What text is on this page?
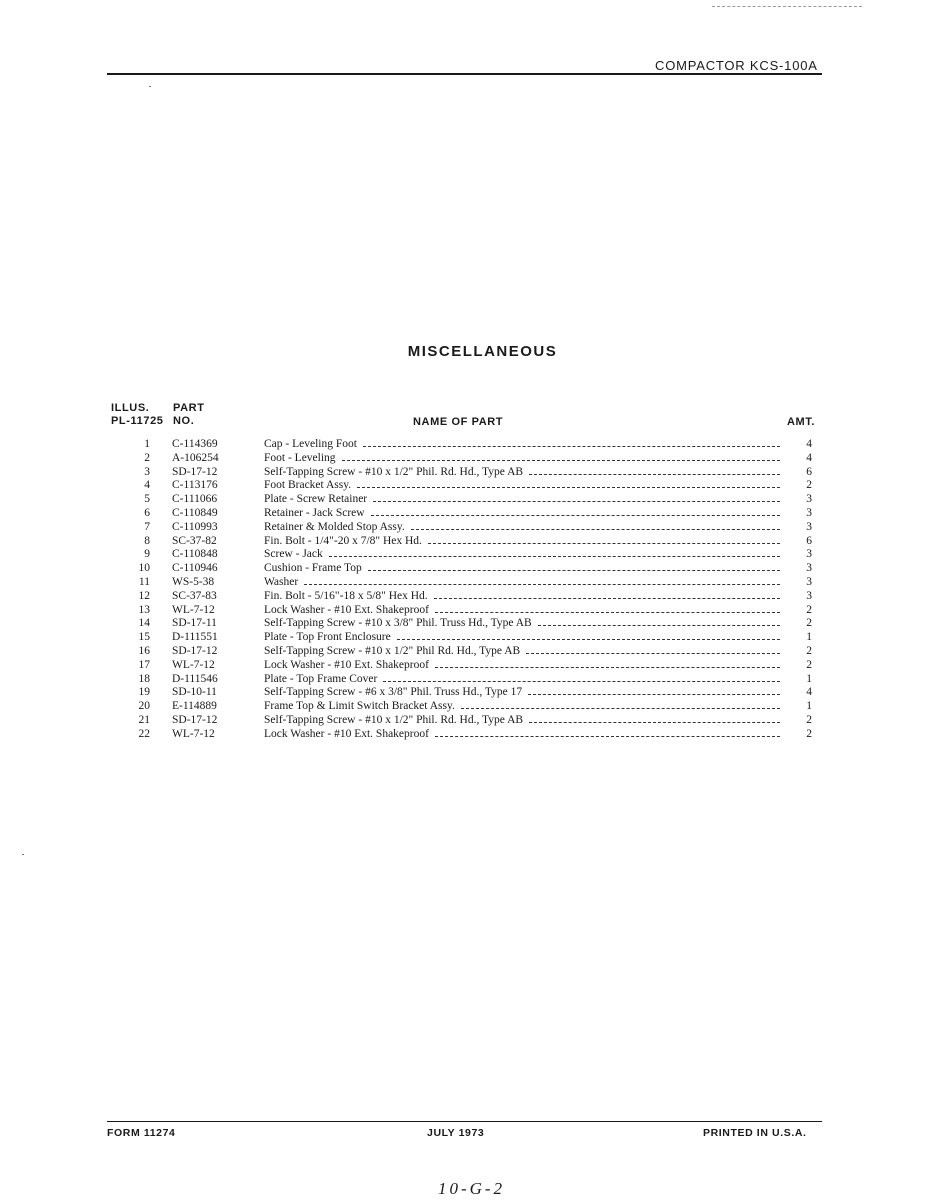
COMPACTOR KCS-100A
MISCELLANEOUS
ILLUS.
PL-11725
PART
NO.	NAME OF PART	AMT.
1 C-114369	Cap - Leveling Foot	4
2 A-106254	Foot - Leveling	4
3 SD-17-12	Self-Tapping Screw - #10 x 1/2" Phil. Rd. Hd., Type AB	6
4 C-113176	Foot Bracket Assy.	2
5 C-111066	Plate - Screw Retainer	3
6 C-110849	Retainer - Jack Screw	3
7 C-110993	Retainer & Molded Stop Assy.	3
8 SC-37-82	Fin. Bolt - 1/4"-20 x 7/8" Hex Hd.	6
9 C-110848	Screw - Jack	3
10 C-110946	Cushion - Frame Top	3
11 WS-5-38	Washer	3
12 SC-37-83	Fin. Bolt - 5/16"-18 x 5/8" Hex Hd.	3
13 WL-7-12	Lock Washer - #10 Ext. Shakeproof	2
14 SD-17-11	Self-Tapping Screw - #10 x 3/8" Phil. Truss Hd., Type AB	2
15 D-111551	Plate - Top Front Enclosure	1
16 SD-17-12	Self-Tapping Screw - #10 x 1/2" Phil Rd. Hd., Type AB	2
17 WL-7-12	Lock Washer - #10 Ext. Shakeproof	2
18 D-111546	Plate - Top Frame Cover	1
19 SD-10-11	Self-Tapping Screw - #6 x 3/8" Phil. Truss Hd., Type 17	4
20 E-114889	Frame Top & Limit Switch Bracket Assy.	1
21 SD-17-12	Self-Tapping Screw - #10 x 1/2" Phil. Rd. Hd., Type AB	2
22 WL-7-12	Lock Washer - #10 Ext. Shakeproof	2
FORM 11274	JULY 1973	PRINTED IN U.S.A.
10-G-2
